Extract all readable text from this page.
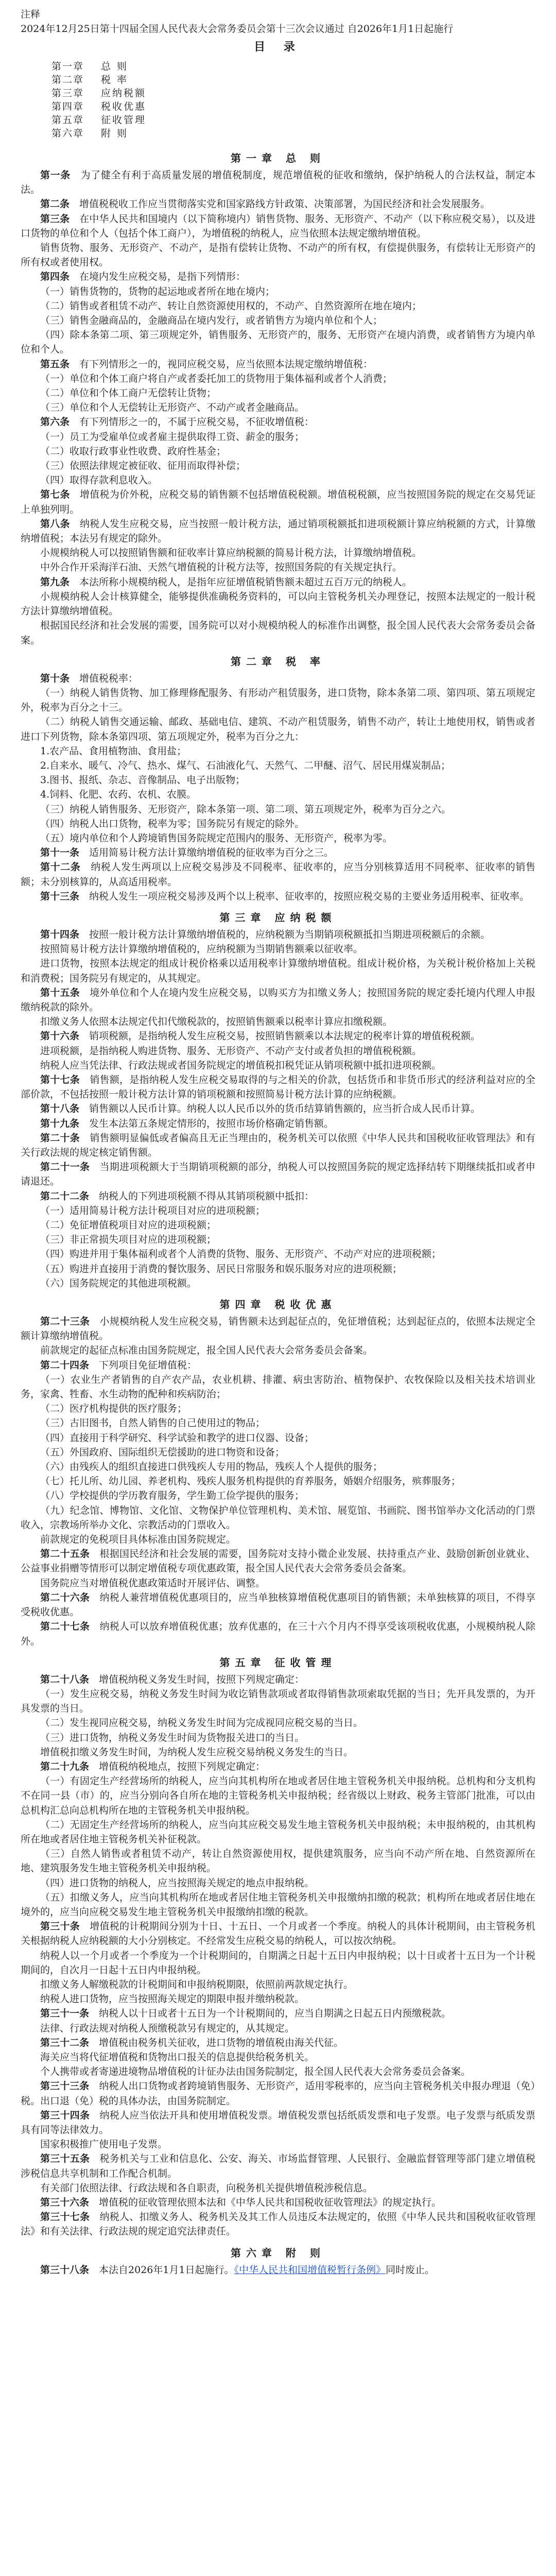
注释

2024年12月25日第十四届全国人民代表大会常务委员会第十三次会议通过 自2026年1月1日起施行

目 录
第一章 总 则
第二章 税 率
第三章 应纳税额
第四章 税收优惠
第五章 征收管理
第六章 附 则
第一章 总 则

第一条　 为了健全有利于高质量发展的增值税制度，规范增值税的征收和缴纳，保护纳税人的合法权益，制定本法。

第二条　 增值税税收工作应当贯彻落实党和国家路线方针政策、决策部署，为国民经济和社会发展服务。

第三条　 在中华人民共和国境内（以下简称境内）销售货物、服务、无形资产、不动产（以下称应税交易），以及进口货物的单位和个人（包括个体工商户），为增值税的纳税人，应当依照本法规定缴纳增值税。

销售货物、服务、无形资产、不动产，是指有偿转让货物、不动产的所有权，有偿提供服务，有偿转让无形资产的所有权或者使用权。

第四条　 在境内发生应税交易，是指下列情形：

（一）销售货物的，货物的起运地或者所在地在境内；

（二）销售或者租赁不动产、转让自然资源使用权的，不动产、自然资源所在地在境内；

（三）销售金融商品的，金融商品在境内发行，或者销售方为境内单位和个人；

（四）除本条第二项、第三项规定外，销售服务、无形资产的，服务、无形资产在境内消费，或者销售方为境内单位和个人。

第五条　 有下列情形之一的，视同应税交易，应当依照本法规定缴纳增值税：

（一）单位和个体工商户将自产或者委托加工的货物用于集体福利或者个人消费；

（二）单位和个体工商户无偿转让货物；

（三）单位和个人无偿转让无形资产、不动产或者金融商品。

第六条　 有下列情形之一的，不属于应税交易，不征收增值税：

（一）员工为受雇单位或者雇主提供取得工资、薪金的服务；

（二）收取行政事业性收费、政府性基金；

（三）依照法律规定被征收、征用而取得补偿；

（四）取得存款利息收入。

第七条　 增值税为价外税，应税交易的销售额不包括增值税税额。增值税税额，应当按照国务院的规定在交易凭证上单独列明。

第八条　 纳税人发生应税交易，应当按照一般计税方法，通过销项税额抵扣进项税额计算应纳税额的方式，计算缴纳增值税；本法另有规定的除外。

小规模纳税人可以按照销售额和征收率计算应纳税额的简易计税方法，计算缴纳增值税。

中外合作开采海洋石油、天然气增值税的计税方法等，按照国务院的有关规定执行。

第九条　 本法所称小规模纳税人，是指年应征增值税销售额未超过五百万元的纳税人。

小规模纳税人会计核算健全，能够提供准确税务资料的，可以向主管税务机关办理登记，按照本法规定的一般计税方法计算缴纳增值税。

根据国民经济和社会发展的需要，国务院可以对小规模纳税人的标准作出调整，报全国人民代表大会常务委员会备案。

第二章 税 率

第十条　 增值税税率：

（一）纳税人销售货物、加工修理修配服务、有形动产租赁服务，进口货物，除本条第二项、第四项、第五项规定外，税率为百分之十三。

（二）纳税人销售交通运输、邮政、基础电信、建筑、不动产租赁服务，销售不动产，转让土地使用权，销售或者进口下列货物，除本条第四项、第五项规定外，税率为百分之九：

1.农产品、食用植物油、食用盐；

2.自来水、暖气、冷气、热水、煤气、石油液化气、天然气、二甲醚、沼气、居民用煤炭制品；

3.图书、报纸、杂志、音像制品、电子出版物；

4.饲料、化肥、农药、农机、农膜。

（三）纳税人销售服务、无形资产，除本条第一项、第二项、第五项规定外，税率为百分之六。

（四）纳税人出口货物，税率为零；国务院另有规定的除外。

（五）境内单位和个人跨境销售国务院规定范围内的服务、无形资产，税率为零。

第十一条　 适用简易计税方法计算缴纳增值税的征收率为百分之三。

第十二条　 纳税人发生两项以上应税交易涉及不同税率、征收率的，应当分别核算适用不同税率、征收率的销售额；未分别核算的，从高适用税率。

第十三条　 纳税人发生一项应税交易涉及两个以上税率、征收率的，按照应税交易的主要业务适用税率、征收率。

第三章 应纳税额

第十四条　 按照一般计税方法计算缴纳增值税的，应纳税额为当期销项税额抵扣当期进项税额后的余额。

按照简易计税方法计算缴纳增值税的，应纳税额为当期销售额乘以征收率。

进口货物，按照本法规定的组成计税价格乘以适用税率计算缴纳增值税。组成计税价格，为关税计税价格加上关税和消费税；国务院另有规定的，从其规定。

第十五条　 境外单位和个人在境内发生应税交易，以购买方为扣缴义务人；按照国务院的规定委托境内代理人申报缴纳税款的除外。

扣缴义务人依照本法规定代扣代缴税款的，按照销售额乘以税率计算应扣缴税额。

第十六条　 销项税额，是指纳税人发生应税交易，按照销售额乘以本法规定的税率计算的增值税税额。

进项税额，是指纳税人购进货物、服务、无形资产、不动产支付或者负担的增值税税额。

纳税人应当凭法律、行政法规或者国务院规定的增值税扣税凭证从销项税额中抵扣进项税额。

第十七条　 销售额，是指纳税人发生应税交易取得的与之相关的价款，包括货币和非货币形式的经济利益对应的全部价款，不包括按照一般计税方法计算的销项税额和按照简易计税方法计算的应纳税额。

第十八条　 销售额以人民币计算。纳税人以人民币以外的货币结算销售额的，应当折合成人民币计算。

第十九条　 发生本法第五条规定情形的，按照市场价格确定销售额。

第二十条　 销售额明显偏低或者偏高且无正当理由的，税务机关可以依照《中华人民共和国税收征收管理法》和有关行政法规的规定核定销售额。

第二十一条　 当期进项税额大于当期销项税额的部分，纳税人可以按照国务院的规定选择结转下期继续抵扣或者申请退还。

第二十二条　 纳税人的下列进项税额不得从其销项税额中抵扣：

（一）适用简易计税方法计税项目对应的进项税额；

（二）免征增值税项目对应的进项税额；

（三）非正常损失项目对应的进项税额；

（四）购进并用于集体福利或者个人消费的货物、服务、无形资产、不动产对应的进项税额；

（五）购进并直接用于消费的餐饮服务、居民日常服务和娱乐服务对应的进项税额；

（六）国务院规定的其他进项税额。

第四章 税收优惠

第二十三条　 小规模纳税人发生应税交易，销售额未达到起征点的，免征增值税；达到起征点的，依照本法规定全额计算缴纳增值税。

前款规定的起征点标准由国务院规定，报全国人民代表大会常务委员会备案。

第二十四条　 下列项目免征增值税：

（一）农业生产者销售的自产农产品，农业机耕、排灌、病虫害防治、植物保护、农牧保险以及相关技术培训业务，家禽、牲畜、水生动物的配种和疾病防治；

（二）医疗机构提供的医疗服务；

（三）古旧图书，自然人销售的自己使用过的物品；

（四）直接用于科学研究、科学试验和教学的进口仪器、设备；

（五）外国政府、国际组织无偿援助的进口物资和设备；

（六）由残疾人的组织直接进口供残疾人专用的物品，残疾人个人提供的服务；

（七）托儿所、幼儿园、养老机构、残疾人服务机构提供的育养服务，婚姻介绍服务，殡葬服务；

（八）学校提供的学历教育服务，学生勤工俭学提供的服务；

（九）纪念馆、博物馆、文化馆、文物保护单位管理机构、美术馆、展览馆、书画院、图书馆举办文化活动的门票收入，宗教场所举办文化、宗教活动的门票收入。

前款规定的免税项目具体标准由国务院规定。

第二十五条　 根据国民经济和社会发展的需要，国务院对支持小微企业发展、扶持重点产业、鼓励创新创业就业、公益事业捐赠等情形可以制定增值税专项优惠政策，报全国人民代表大会常务委员会备案。

国务院应当对增值税优惠政策适时开展评估、调整。

第二十六条　 纳税人兼营增值税优惠项目的，应当单独核算增值税优惠项目的销售额；未单独核算的项目，不得享受税收优惠。

第二十七条　 纳税人可以放弃增值税优惠；放弃优惠的，在三十六个月内不得享受该项税收优惠，小规模纳税人除外。

第五章 征收管理

第二十八条　 增值税纳税义务发生时间，按照下列规定确定：

（一）发生应税交易，纳税义务发生时间为收讫销售款项或者取得销售款项索取凭据的当日；先开具发票的，为开具发票的当日。

（二）发生视同应税交易，纳税义务发生时间为完成视同应税交易的当日。

（三）进口货物，纳税义务发生时间为货物报关进口的当日。

增值税扣缴义务发生时间，为纳税人发生应税交易纳税义务发生的当日。

第二十九条　 增值税纳税地点，按照下列规定确定：

（一）有固定生产经营场所的纳税人，应当向其机构所在地或者居住地主管税务机关申报纳税。总机构和分支机构不在同一县（市）的，应当分别向各自所在地的主管税务机关申报纳税；经省级以上财政、税务主管部门批准，可以由总机构汇总向总机构所在地的主管税务机关申报纳税。

（二）无固定生产经营场所的纳税人，应当向其应税交易发生地主管税务机关申报纳税；未申报纳税的，由其机构所在地或者居住地主管税务机关补征税款。

（三）自然人销售或者租赁不动产，转让自然资源使用权，提供建筑服务，应当向不动产所在地、自然资源所在地、建筑服务发生地主管税务机关申报纳税。

（四）进口货物的纳税人，应当按照海关规定的地点申报纳税。

（五）扣缴义务人，应当向其机构所在地或者居住地主管税务机关申报缴纳扣缴的税款；机构所在地或者居住地在境外的，应当向应税交易发生地主管税务机关申报缴纳扣缴的税款。

第三十条　 增值税的计税期间分别为十日、十五日、一个月或者一个季度。纳税人的具体计税期间，由主管税务机关根据纳税人应纳税额的大小分别核定。不经常发生应税交易的纳税人，可以按次纳税。

纳税人以一个月或者一个季度为一个计税期间的，自期满之日起十五日内申报纳税；以十日或者十五日为一个计税期间的，自次月一日起十五日内申报纳税。

扣缴义务人解缴税款的计税期间和申报纳税期限，依照前两款规定执行。

纳税人进口货物，应当按照海关规定的期限申报并缴纳税款。

第三十一条　 纳税人以十日或者十五日为一个计税期间的，应当自期满之日起五日内预缴税款。

法律、行政法规对纳税人预缴税款另有规定的，从其规定。

第三十二条　 增值税由税务机关征收，进口货物的增值税由海关代征。

海关应当将代征增值税和货物出口报关的信息提供给税务机关。

个人携带或者寄递进境物品增值税的计征办法由国务院制定，报全国人民代表大会常务委员会备案。

第三十三条　 纳税人出口货物或者跨境销售服务、无形资产，适用零税率的，应当向主管税务机关申报办理退（免）税。出口退（免）税的具体办法，由国务院制定。

第三十四条　 纳税人应当依法开具和使用增值税发票。增值税发票包括纸质发票和电子发票。电子发票与纸质发票具有同等法律效力。

国家积极推广使用电子发票。

第三十五条　 税务机关与工业和信息化、公安、海关、市场监督管理、人民银行、金融监督管理等部门建立增值税涉税信息共享机制和工作配合机制。

有关部门依照法律、行政法规和各自职责，向税务机关提供增值税涉税信息。

第三十六条　 增值税的征收管理依照本法和《中华人民共和国税收征收管理法》的规定执行。

第三十七条　 纳税人、扣缴义务人、税务机关及其工作人员违反本法规定的，依照《中华人民共和国税收征收管理法》和有关法律、行政法规的规定追究法律责任。

第六章 附 则

第三十八条　 本法自2026年1月1日起施行。《中华人民共和国增值税暂行条例》同时废止。
